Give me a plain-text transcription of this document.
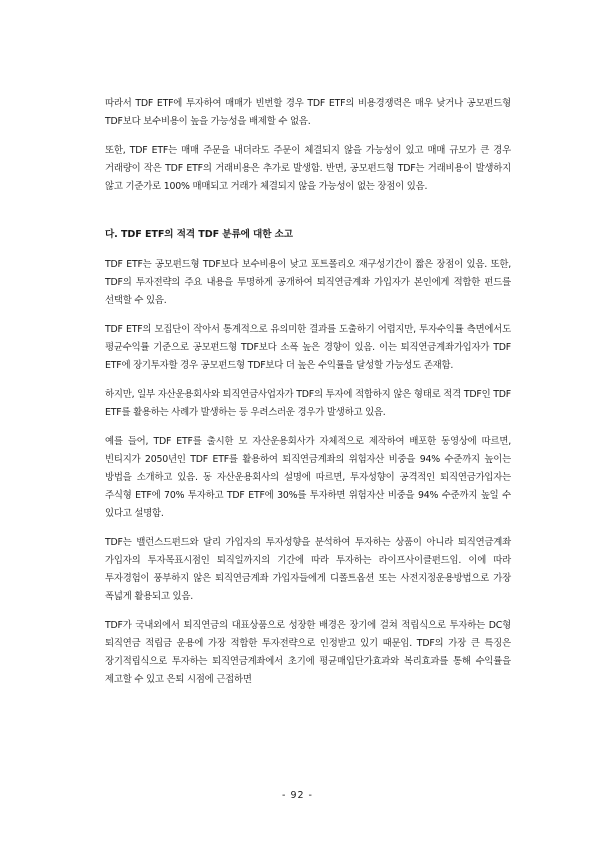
따라서 TDF ETF에 투자하여 매매가 빈번할 경우 TDF ETF의 비용경쟁력은 매우 낮거나 공모펀드형 TDF보다 보수비용이 높을 가능성을 배제할 수 없음.

또한, TDF ETF는 매매 주문을 내더라도 주문이 체결되지 않을 가능성이 있고 매매 규모가 큰 경우 거래량이 작은 TDF ETF의 거래비용은 추가로 발생함. 반면, 공모펀드형 TDF는 거래비용이 발생하지 않고 기준가로 100% 매매되고 거래가 체결되지 않을 가능성이 없는 장점이 있음.

다. TDF ETF의 적격 TDF 분류에 대한 소고

TDF ETF는 공모펀드형 TDF보다 보수비용이 낮고 포트폴리오 재구성기간이 짧은 장점이 있음. 또한, TDF의 투자전략의 주요 내용을 투명하게 공개하여 퇴직연금계좌 가입자가 본인에게 적합한 펀드를 선택할 수 있음.

TDF ETF의 모집단이 작아서 통계적으로 유의미한 결과를 도출하기 어렵지만, 투자수익률 측면에서도 평균수익률 기준으로 공모펀드형 TDF보다 소폭 높은 경향이 있음. 이는 퇴직연금계좌가입자가 TDF ETF에 장기투자할 경우 공모펀드형 TDF보다 더 높은 수익률을 달성할 가능성도 존재함.

하지만, 일부 자산운용회사와 퇴직연금사업자가 TDF의 투자에 적합하지 않은 형태로 적격 TDF인 TDF ETF를 활용하는 사례가 발생하는 등 우려스러운 경우가 발생하고 있음.

예를 들어, TDF ETF를 출시한 모 자산운용회사가 자체적으로 제작하여 배포한 동영상에 따르면, 빈티지가 2050년인 TDF ETF를 활용하여 퇴직연금계좌의 위험자산 비중을 94% 수준까지 높이는 방법을 소개하고 있음. 동 자산운용회사의 설명에 따르면, 투자성향이 공격적인 퇴직연금가입자는 주식형 ETF에 70% 투자하고 TDF ETF에 30%를 투자하면 위험자산 비중을 94% 수준까지 높일 수 있다고 설명함.

TDF는 밸런스드펀드와 달리 가입자의 투자성향을 분석하여 투자하는 상품이 아니라 퇴직연금계좌 가입자의 투자목표시점인 퇴직일까지의 기간에 따라 투자하는 라이프사이클펀드임. 이에 따라 투자경험이 풍부하지 않은 퇴직연금계좌 가입자들에게 디폴트옵션 또는 사전지정운용방법으로 가장 폭넓게 활용되고 있음.

TDF가 국내외에서 퇴직연금의 대표상품으로 성장한 배경은 장기에 걸쳐 적립식으로 투자하는 DC형 퇴직연금 적립금 운용에 가장 적합한 투자전략으로 인정받고 있기 때문임. TDF의 가장 큰 특징은 장기적립식으로 투자하는 퇴직연금계좌에서 초기에 평균매입단가효과와 복리효과를 통해 수익률을 제고할 수 있고 은퇴 시점에 근접하면

- 92 -
